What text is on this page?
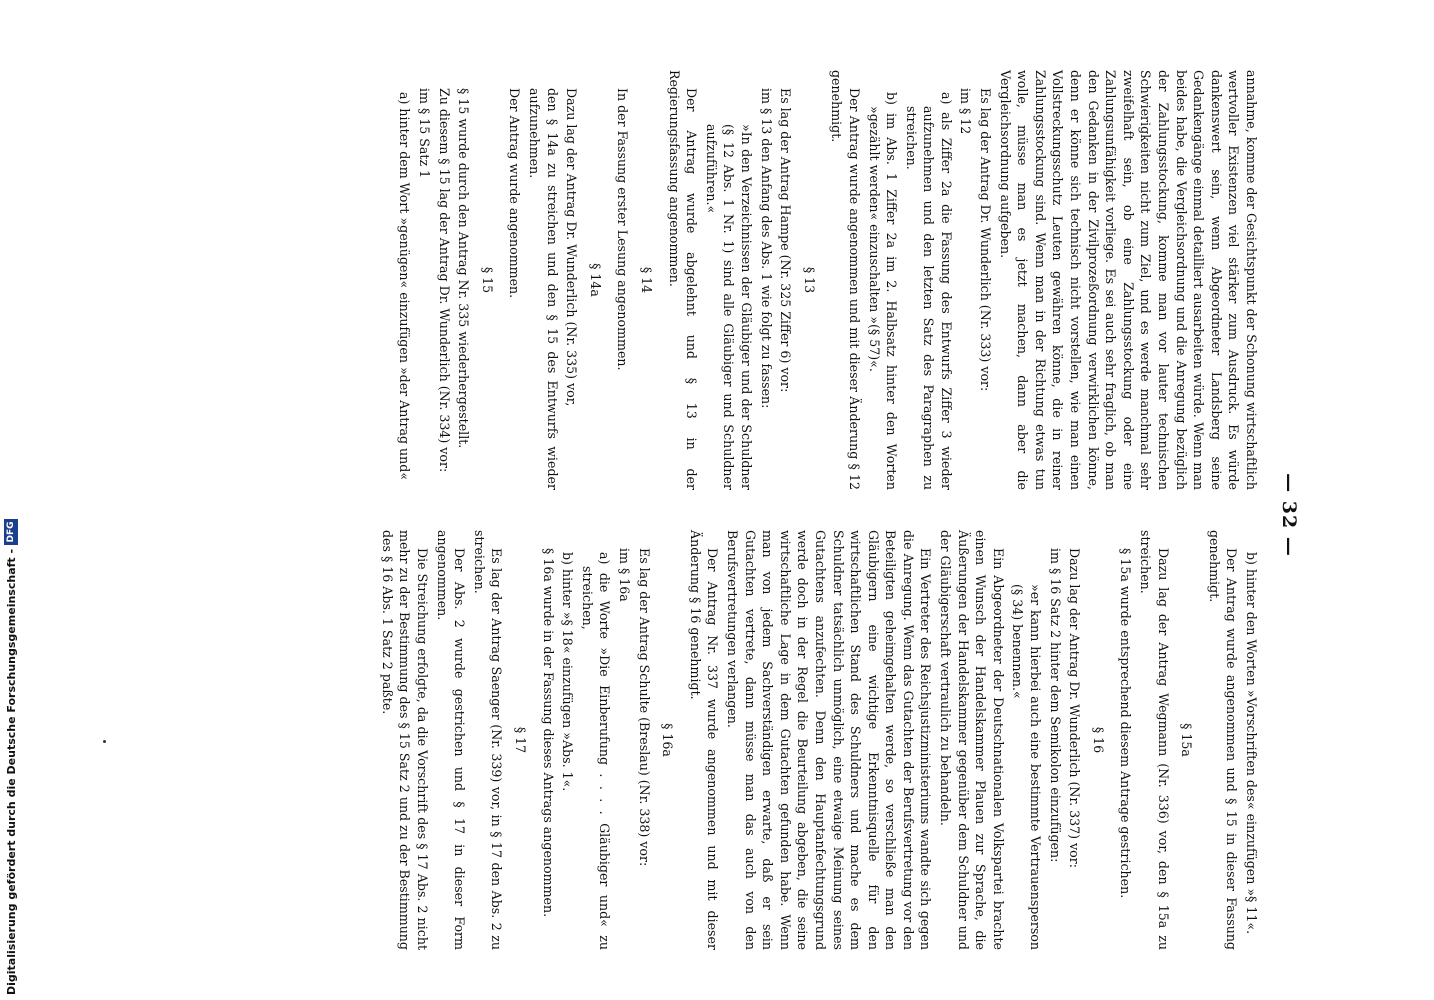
— 32 —

annahme, komme der Gesichtspunkt der Schonung wirtschaftlich wertvoller Existenzen viel stärker zum Ausdruck. Es würde dankenswert sein, wenn Abgeordneter Landsberg seine Gedankengänge einmal detailliert ausarbeiten würde. Wenn man beides habe, die Vergleichsordnung und die Anregung bezüglich der Zahlungsstockung, komme man vor lauter technischen Schwierigkeiten nicht zum Ziel, und es werde manchmal sehr zweifelhaft sein, ob eine Zahlungsstockung oder eine Zahlungsunfähigkeit vorliege. Es sei auch sehr fraglich, ob man den Gedanken in der Zivilprozeßordnung verwirklichen könne, denn er könne sich technisch nicht vorstellen, wie man einen Vollstreckungsschutz Leuten gewähren könne, die in reiner Zahlungsstockung sind. Wenn man in der Richtung etwas tun wolle, müsse man es jetzt machen, dann aber die Vergleichsordnung aufgeben.

Es lag der Antrag Dr. Wunderlich (Nr. 333) vor:

im § 12

a) als Ziffer 2a die Fassung des Entwurfs Ziffer 3 wieder aufzunehmen und den letzten Satz des Paragraphen zu streichen.

b) im Abs. 1 Ziffer 2a im 2. Halbsatz hinter den Worten »gezählt werden« einzuschalten »(§ 57)«.

Der Antrag wurde angenommen und mit dieser Änderung § 12 genehmigt.

§ 13

Es lag der Antrag Hampe (Nr. 325 Ziffer 6) vor:

im § 13 den Anfang des Abs. 1 wie folgt zu fassen:

»In den Verzeichnissen der Gläubiger und der Schuldner (§ 12 Abs. 1 Nr. 1) sind alle Gläubiger und Schuldner aufzuführen.«

Der Antrag wurde abgelehnt und § 13 in der Regierungsfassung angenommen.

§ 14

In der Fassung erster Lesung angenommen.

§ 14a

Dazu lag der Antrag Dr. Wunderlich (Nr. 335) vor,

den § 14a zu streichen und den § 15 des Entwurfs wieder aufzunehmen.

Der Antrag wurde angenommen.

§ 15

§ 15 wurde durch den Antrag Nr. 335 wiederhergestellt.

Zu diesem § 15 lag der Antrag Dr. Wunderlich (Nr. 334) vor:

im § 15 Satz 1

a) hinter dem Wort »genügen« einzufügen »der Antrag und«

b) hinter den Worten »Vorschriften des« einzufügen »§ 11«.

Der Antrag wurde angenommen und § 15 in dieser Fassung genehmigt.

§ 15a

Dazu lag der Antrag Wegmann (Nr. 336) vor, den § 15a zu streichen.

§ 15a wurde entsprechend diesem Antrage gestrichen.

§ 16

Dazu lag der Antrag Dr. Wunderlich (Nr. 337) vor:

im § 16 Satz 2 hinter dem Semikolon einzufügen:

»er kann hierbei auch eine bestimmte Vertrauensperson (§ 34) benennen.«

Ein Abgeordneter der Deutschnationalen Volkspartei brachte einen Wunsch der Handelskammer Plauen zur Sprache, die Äußerungen der Handelskammer gegenüber dem Schuldner und der Gläubigerschaft vertraulich zu behandeln.

Ein Vertreter des Reichsjustizministeriums wandte sich gegen die Anregung. Wenn das Gutachten der Berufsvertretung vor den Beteiligten geheimgehalten werde, so verschließe man den Gläubigern eine wichtige Erkenntnisquelle für den wirtschaftlichen Stand des Schuldners und mache es dem Schuldner tatsächlich unmöglich, eine etwaige Meinung seines Gutachtens anzufechten. Denn den Hauptanfechtungsgrund werde doch in der Regel die Beurteilung abgeben, die seine wirtschaftliche Lage in dem Gutachten gefunden habe. Wenn man von jedem Sachverständigen erwarte, daß er sein Gutachten vertrete, dann müsse man das auch von den Berufsvertretungen verlangen.

Der Antrag Nr. 337 wurde angenommen und mit dieser Änderung § 16 genehmigt.

§ 16a

Es lag der Antrag Schulte (Breslau) (Nr. 338) vor:

im § 16a

a) die Worte »Die Einberufung . . . . Gläubiger und« zu streichen,

b) hinter »§ 18« einzufügen »Abs. 1«.

§ 16a wurde in der Fassung dieses Antrags angenommen.

§ 17

Es lag der Antrag Saenger (Nr. 339) vor, in § 17 den Abs. 2 zu streichen.

Der Abs. 2 wurde gestrichen und § 17 in dieser Form angenommen.

Die Streichung erfolgte, da die Vorschrift des § 17 Abs. 2 nicht mehr zu der Bestimmung des § 15 Satz 2 und zu der Bestimmung des § 16 Abs. 1 Satz 2 paßte.

Digitalisierung gefördert durch die Deutsche Forschungsgemeinschaft -
DFG
